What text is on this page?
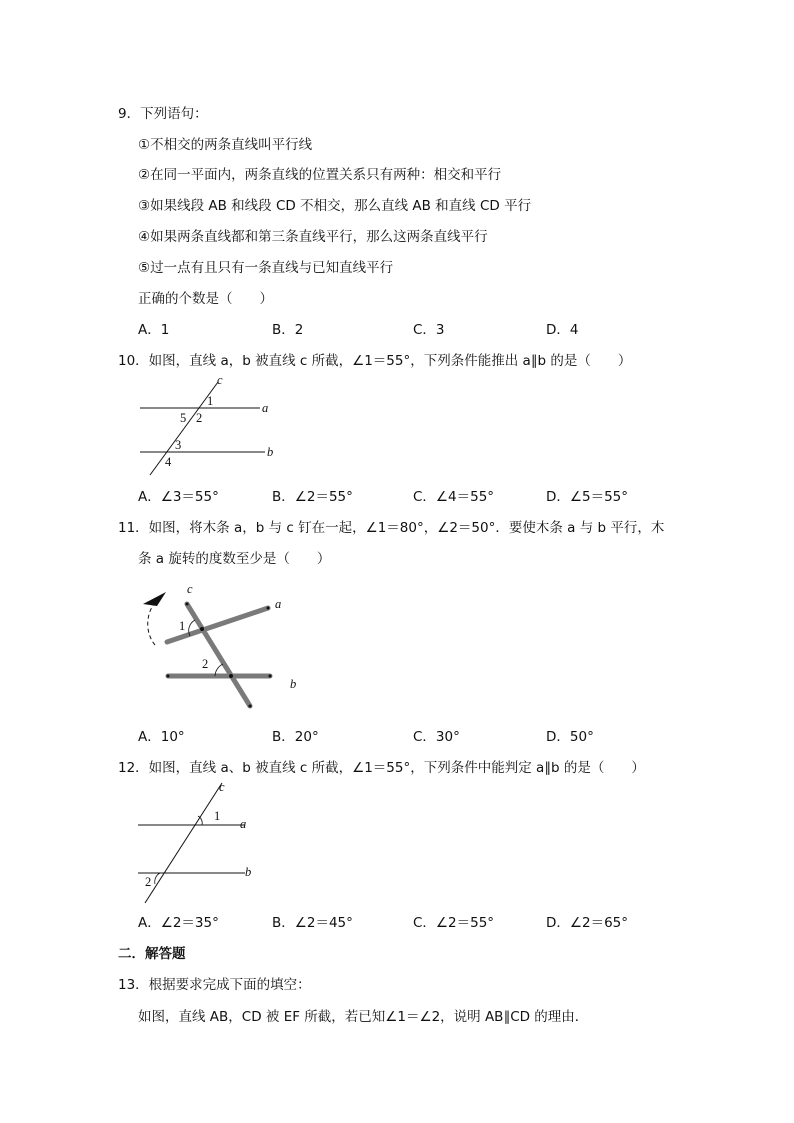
9．下列语句：
①不相交的两条直线叫平行线
②在同一平面内，两条直线的位置关系只有两种：相交和平行
③如果线段 AB 和线段 CD 不相交，那么直线 AB 和直线 CD 平行
④如果两条直线都和第三条直线平行，那么这两条直线平行
⑤过一点有且只有一条直线与已知直线平行
正确的个数是（　　）
A．1	B．2	C．3	D．4
10．如图，直线 a，b 被直线 c 所截，∠1＝55°，下列条件能推出 a∥b 的是（　　）
c
a
b
1
2
5
3
4
A．∠3＝55°	B．∠2＝55°	C．∠4＝55°	D．∠5＝55°
11．如图，将木条 a，b 与 c 钉在一起，∠1＝80°，∠2＝50°．要使木条 a 与 b 平行，木
条 a 旋转的度数至少是（　　）
c
a
b
1
2
A．10°	B．20°	C．30°	D．50°
12．如图，直线 a、b 被直线 c 所截，∠1＝55°，下列条件中能判定 a∥b 的是（　　）
c
a
b
1
2
A．∠2＝35°	B．∠2＝45°	C．∠2＝55°	D．∠2＝65°
二．解答题
13．根据要求完成下面的填空：
如图，直线 AB，CD 被 EF 所截，若已知∠1＝∠2，说明 AB∥CD 的理由．
